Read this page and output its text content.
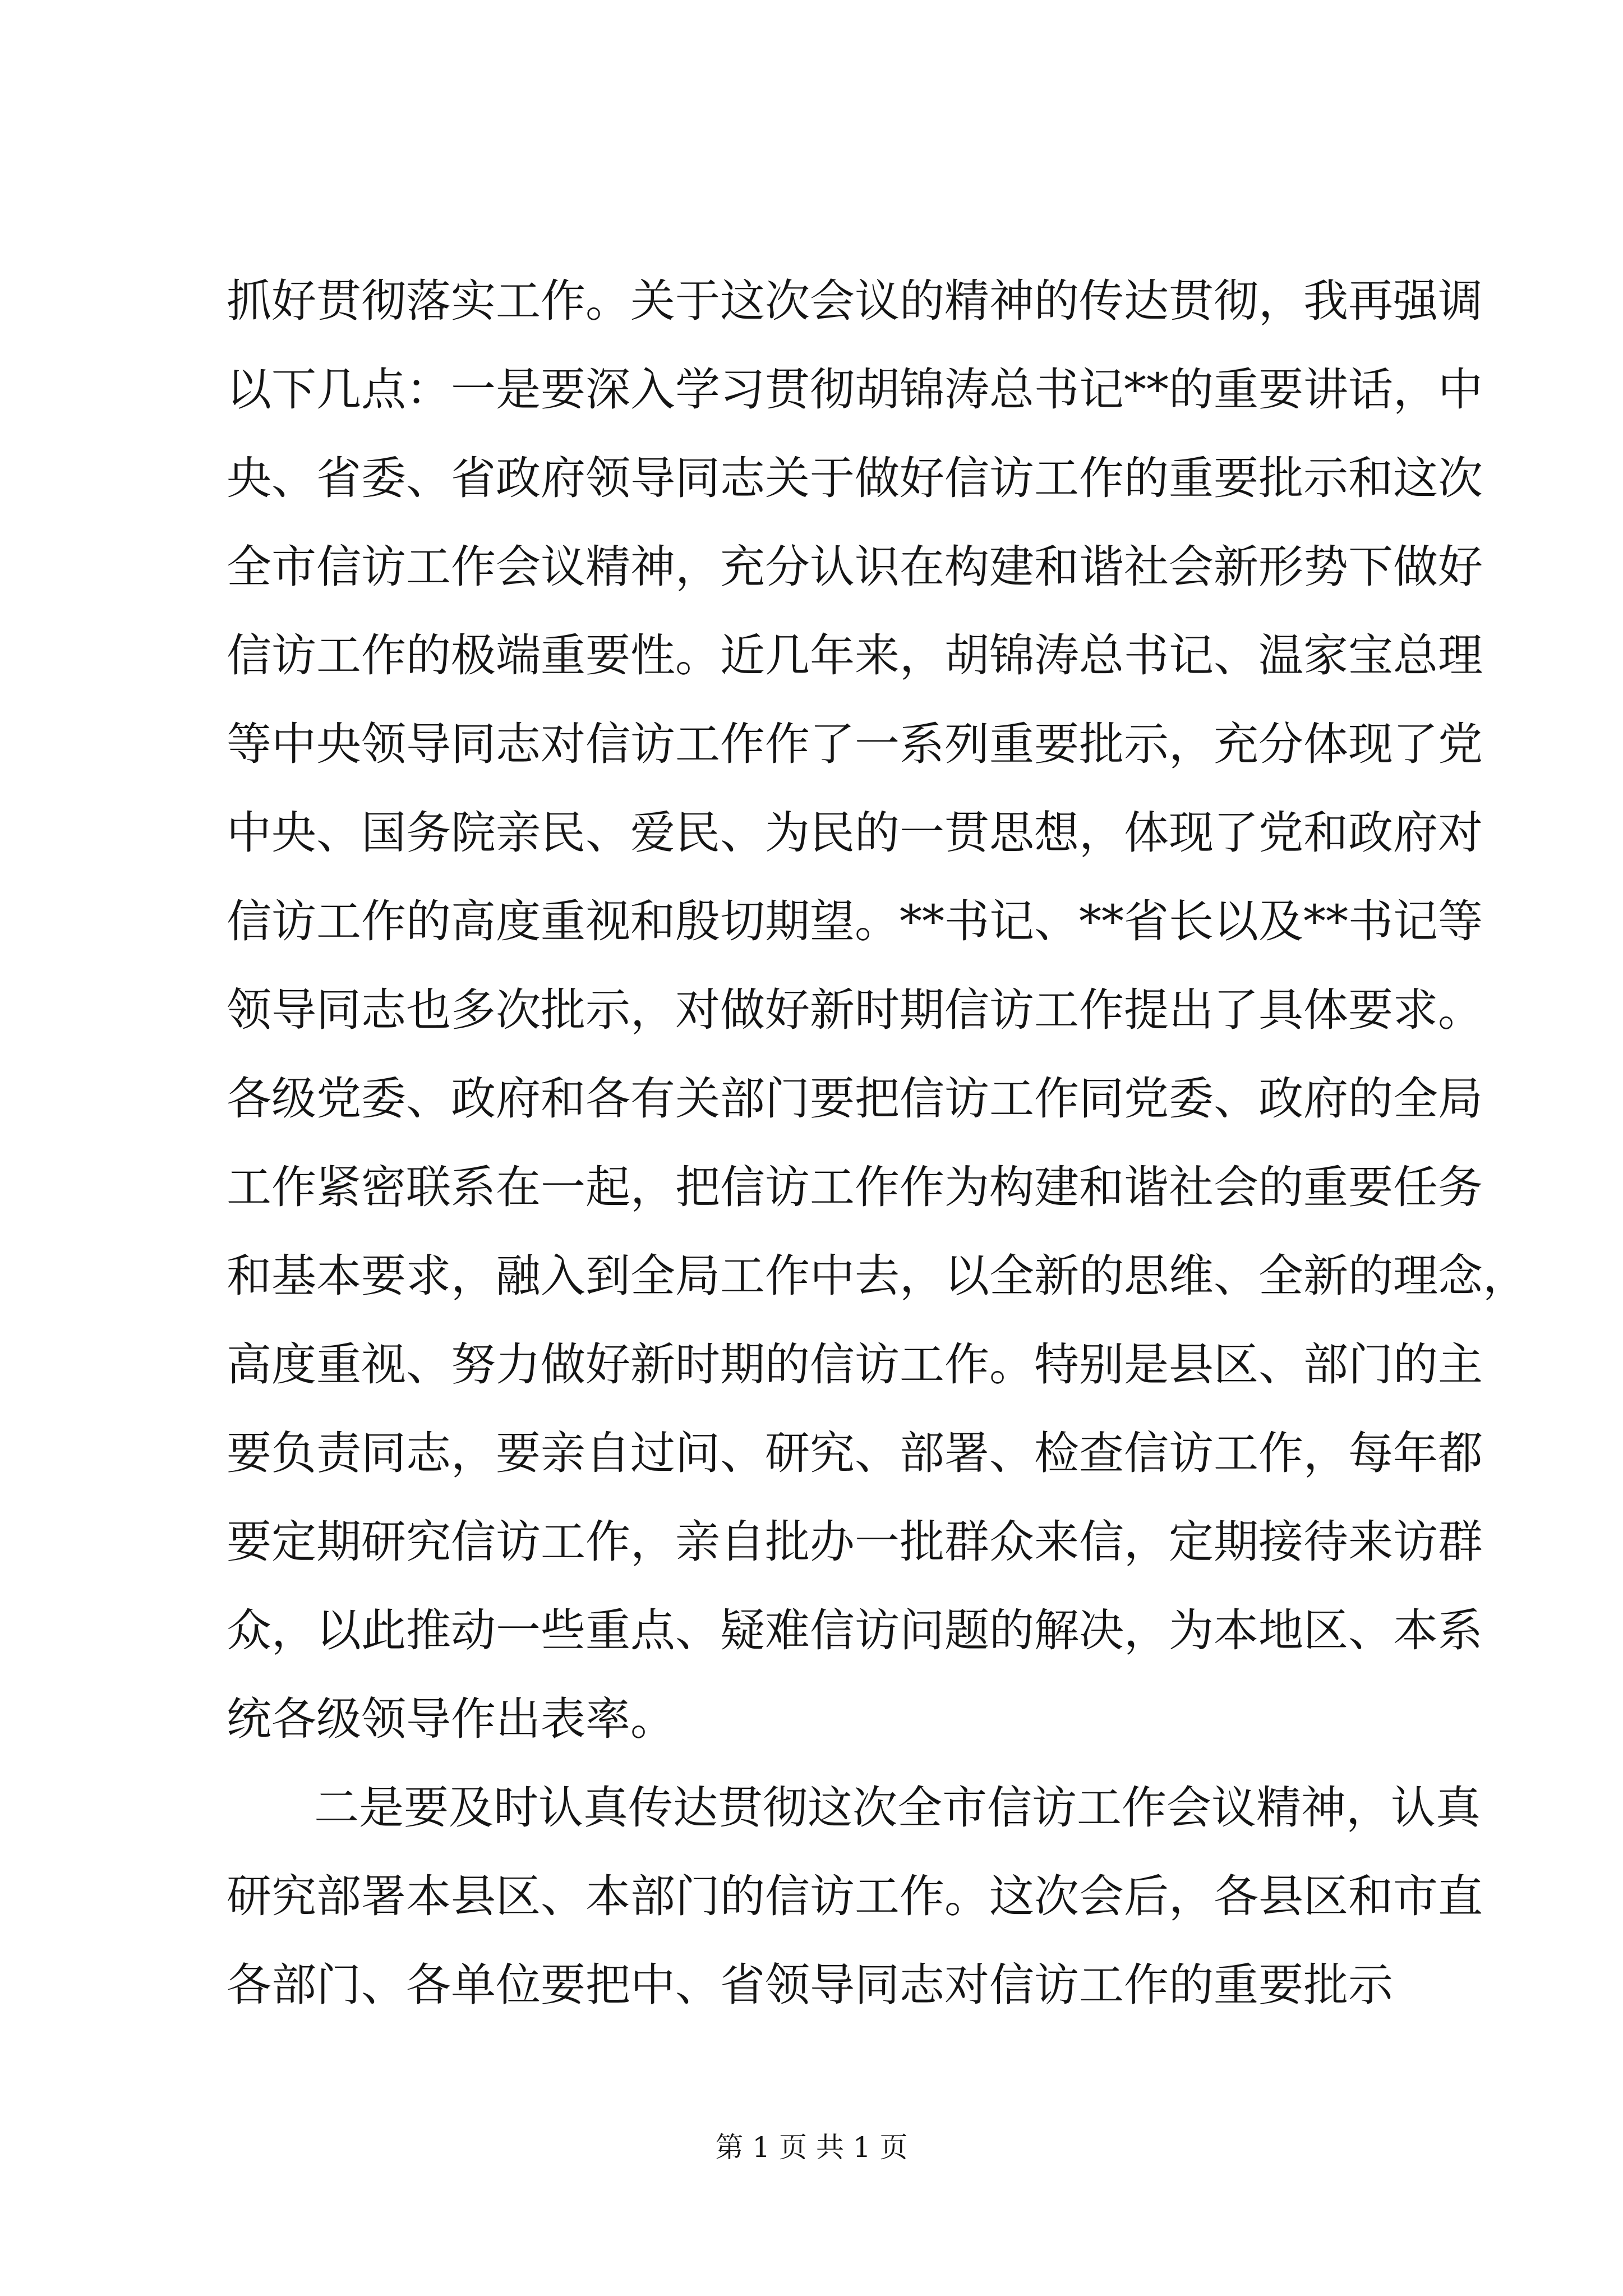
抓好贯彻落实工作。关于这次会议的精神的传达贯彻，我再强调
以下几点：一是要深入学习贯彻胡锦涛总书记**的重要讲话，中
央、省委、省政府领导同志关于做好信访工作的重要批示和这次
全市信访工作会议精神，充分认识在构建和谐社会新形势下做好
信访工作的极端重要性。近几年来，胡锦涛总书记、温家宝总理
等中央领导同志对信访工作作了一系列重要批示，充分体现了党
中央、国务院亲民、爱民、为民的一贯思想，体现了党和政府对
信访工作的高度重视和殷切期望。**书记、**省长以及**书记等
领导同志也多次批示，对做好新时期信访工作提出了具体要求。
各级党委、政府和各有关部门要把信访工作同党委、政府的全局
工作紧密联系在一起，把信访工作作为构建和谐社会的重要任务
和基本要求，融入到全局工作中去，以全新的思维、全新的理念，
高度重视、努力做好新时期的信访工作。特别是县区、部门的主
要负责同志，要亲自过问、研究、部署、检查信访工作，每年都
要定期研究信访工作，亲自批办一批群众来信，定期接待来访群
众，以此推动一些重点、疑难信访问题的解决，为本地区、本系
统各级领导作出表率。
二是要及时认真传达贯彻这次全市信访工作会议精神，认真
研究部署本县区、本部门的信访工作。这次会后，各县区和市直
各部门、各单位要把中、省领导同志对信访工作的重要批示
第 1 页 共 1 页
